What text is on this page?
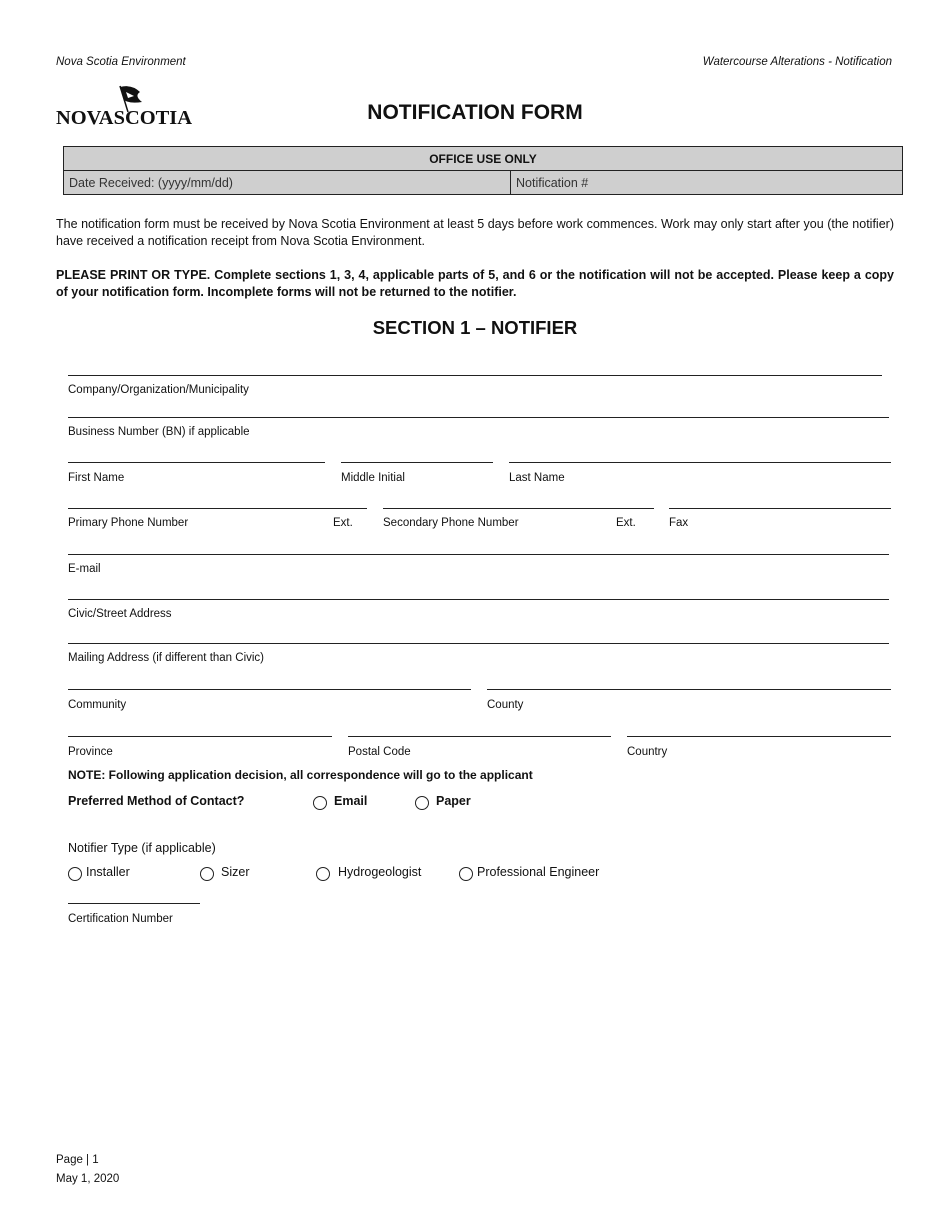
Nova Scotia Environment	Watercourse Alterations - Notification
NOVASCOTIA	NOTIFICATION FORM
OFFICE USE ONLY
Date Received: (yyyy/mm/dd)	Notification #
The notification form must be received by Nova Scotia Environment at least 5 days before work commences. Work may only start after you (the notifier) have received a notification receipt from Nova Scotia Environment.
PLEASE PRINT OR TYPE. Complete sections 1, 3, 4, applicable parts of 5, and 6 or the notification will not be accepted. Please keep a copy of your notification form. Incomplete forms will not be returned to the notifier.
SECTION 1 – NOTIFIER
Company/Organization/Municipality
Business Number (BN) if applicable
First Name	Middle Initial	Last Name
Primary Phone Number	Ext.	Secondary Phone Number	Ext.	Fax
E-mail
Civic/Street Address
Mailing Address (if different than Civic)
Community	County
Province	Postal Code	Country
NOTE: Following application decision, all correspondence will go to the applicant
Preferred Method of Contact?	Email	Paper
Notifier Type (if applicable)
Installer	Sizer	Hydrogeologist	Professional Engineer
Certification Number
Page | 1
May 1, 2020
